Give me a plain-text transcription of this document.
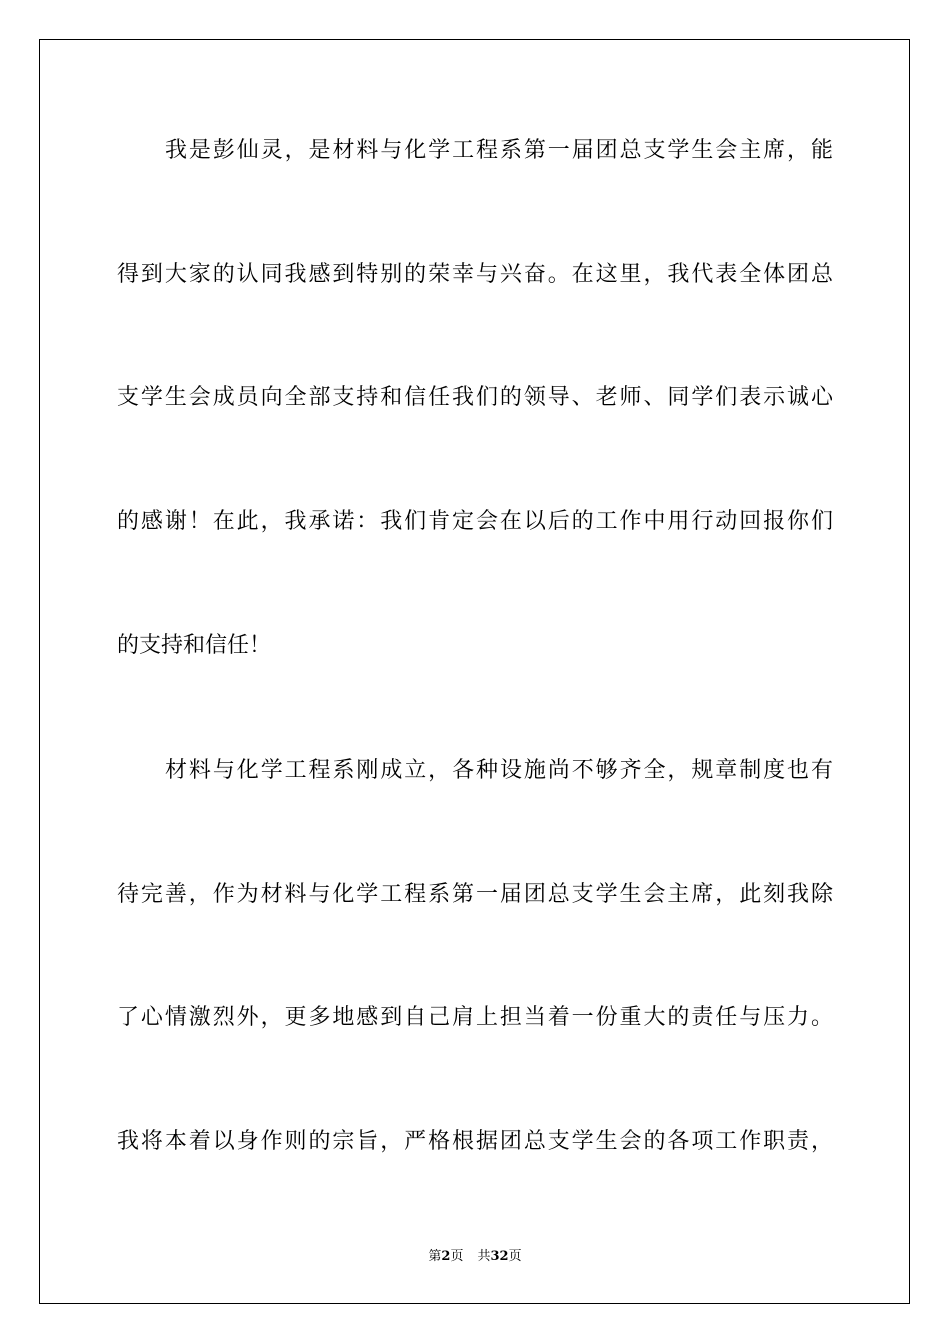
我是彭仙灵，是材料与化学工程系第一届团总支学生会主席，能
得到大家的认同我感到特别的荣幸与兴奋。在这里，我代表全体团总
支学生会成员向全部支持和信任我们的领导、老师、同学们表示诚心
的感谢！在此，我承诺：我们肯定会在以后的工作中用行动回报你们
的支持和信任！
材料与化学工程系刚成立，各种设施尚不够齐全，规章制度也有
待完善，作为材料与化学工程系第一届团总支学生会主席，此刻我除
了心情激烈外，更多地感到自己肩上担当着一份重大的责任与压力。
我将本着以身作则的宗旨，严格根据团总支学生会的各项工作职责，
第2页 共32页
